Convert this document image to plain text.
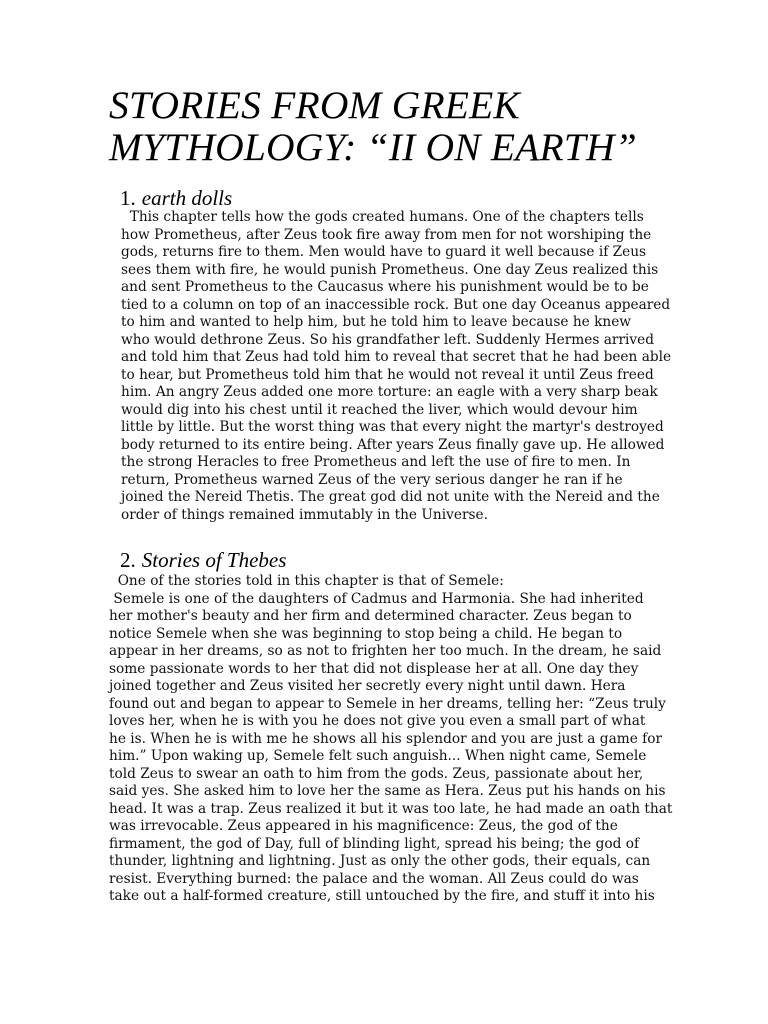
STORIES FROM GREEK
MYTHOLOGY: “II ON EARTH”
1. earth dolls
This chapter tells how the gods created humans. One of the chapters tells
how Prometheus, after Zeus took fire away from men for not worshiping the
gods, returns fire to them. Men would have to guard it well because if Zeus
sees them with fire, he would punish Prometheus. One day Zeus realized this
and sent Prometheus to the Caucasus where his punishment would be to be
tied to a column on top of an inaccessible rock. But one day Oceanus appeared
to him and wanted to help him, but he told him to leave because he knew
who would dethrone Zeus. So his grandfather left. Suddenly Hermes arrived
and told him that Zeus had told him to reveal that secret that he had been able
to hear, but Prometheus told him that he would not reveal it until Zeus freed
him. An angry Zeus added one more torture: an eagle with a very sharp beak
would dig into his chest until it reached the liver, which would devour him
little by little. But the worst thing was that every night the martyr's destroyed
body returned to its entire being. After years Zeus finally gave up. He allowed
the strong Heracles to free Prometheus and left the use of fire to men. In
return, Prometheus warned Zeus of the very serious danger he ran if he
joined the Nereid Thetis. The great god did not unite with the Nereid and the
order of things remained immutably in the Universe.
2. Stories of Thebes
One of the stories told in this chapter is that of Semele:
Semele is one of the daughters of Cadmus and Harmonia. She had inherited
her mother's beauty and her firm and determined character. Zeus began to
notice Semele when she was beginning to stop being a child. He began to
appear in her dreams, so as not to frighten her too much. In the dream, he said
some passionate words to her that did not displease her at all. One day they
joined together and Zeus visited her secretly every night until dawn. Hera
found out and began to appear to Semele in her dreams, telling her: “Zeus truly
loves her, when he is with you he does not give you even a small part of what
he is. When he is with me he shows all his splendor and you are just a game for
him.” Upon waking up, Semele felt such anguish... When night came, Semele
told Zeus to swear an oath to him from the gods. Zeus, passionate about her,
said yes. She asked him to love her the same as Hera. Zeus put his hands on his
head. It was a trap. Zeus realized it but it was too late, he had made an oath that
was irrevocable. Zeus appeared in his magnificence: Zeus, the god of the
firmament, the god of Day, full of blinding light, spread his being; the god of
thunder, lightning and lightning. Just as only the other gods, their equals, can
resist. Everything burned: the palace and the woman. All Zeus could do was
take out a half-formed creature, still untouched by the fire, and stuff it into his
